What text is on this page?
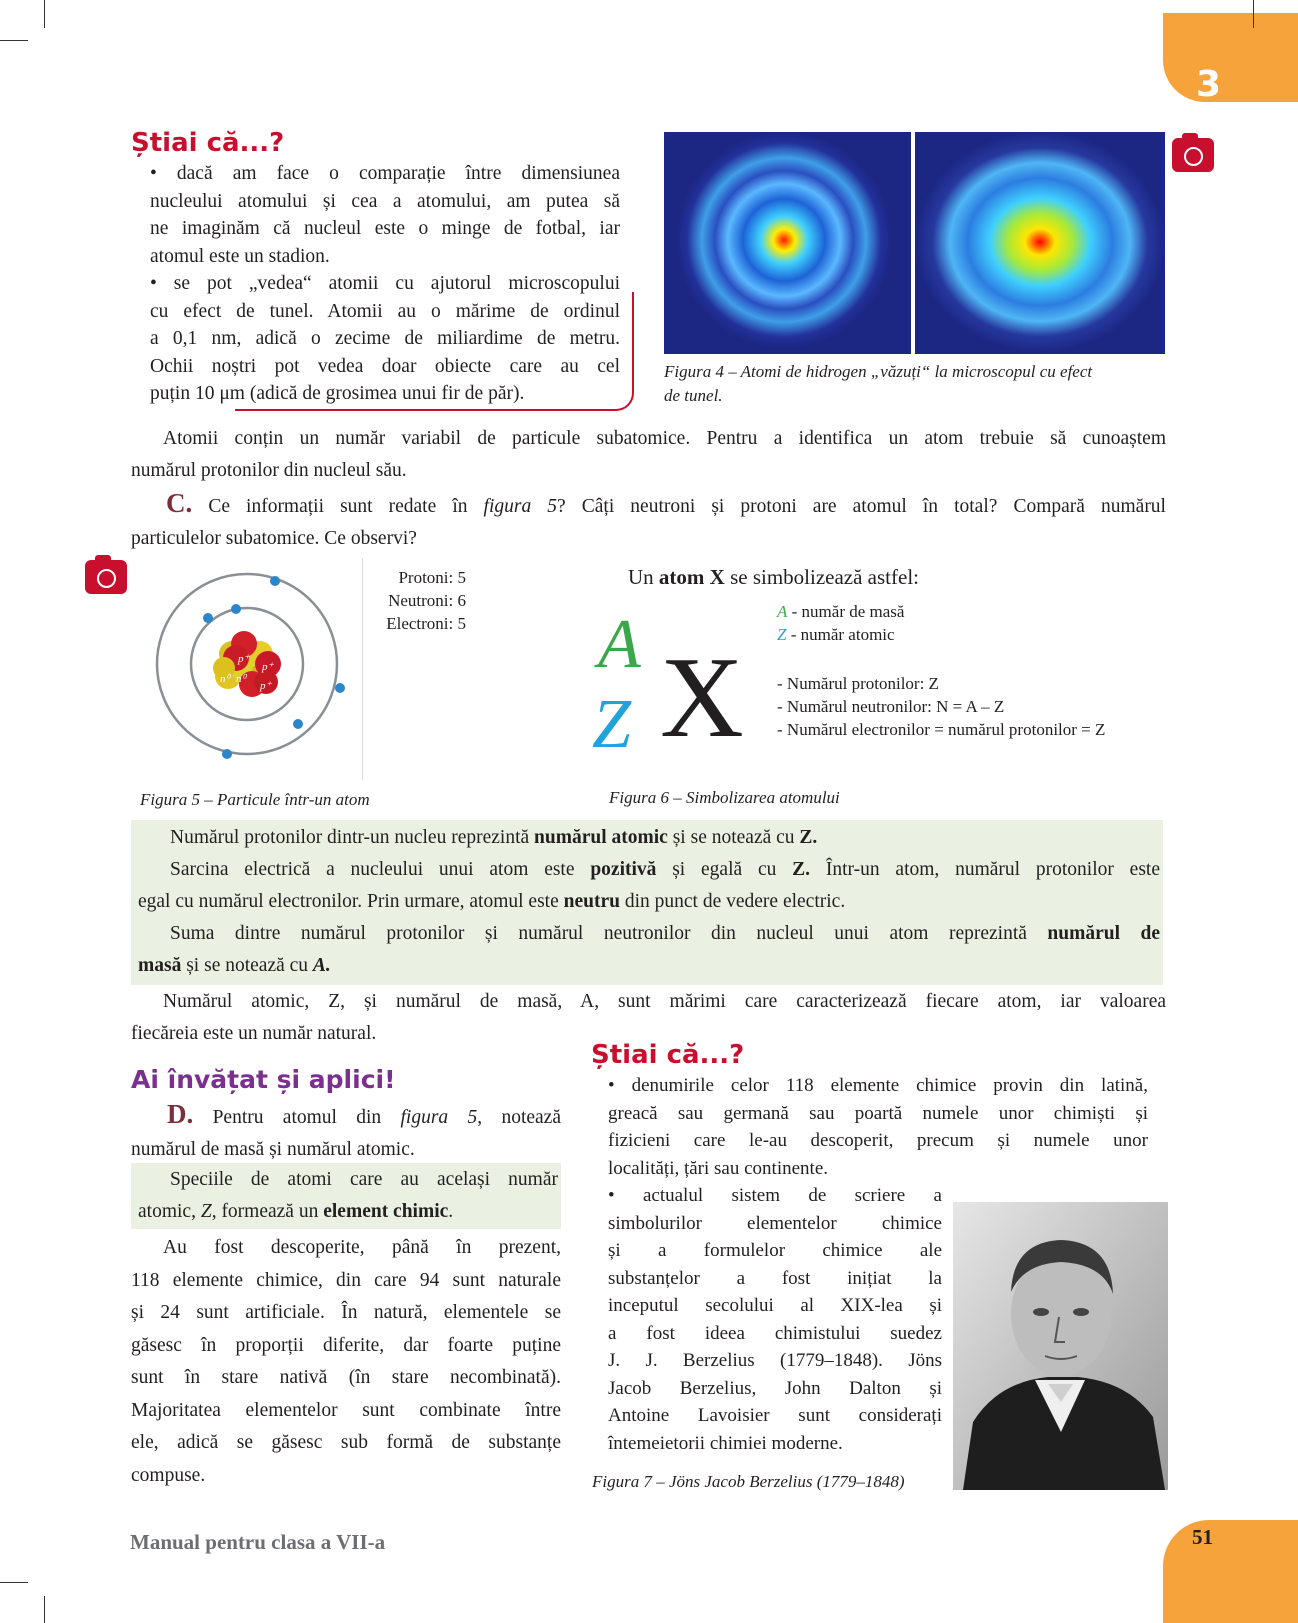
3
Știai că...?
• dacă am face o comparație între dimensiunea
nucleului atomului și cea a atomului, am putea să
ne imaginăm că nucleul este o minge de fotbal, iar
atomul este un stadion.
• se pot „vedea“ atomii cu ajutorul microscopului
cu efect de tunel. Atomii au o mărime de ordinul
a 0,1 nm, adică o zecime de miliardime de metru.
Ochii noștri pot vedea doar obiecte care au cel
puțin 10 μm (adică de grosimea unui fir de păr).
Figura 4 – Atomi de hidrogen „văzuți“ la microscopul cu efect
de tunel.
Atomii conțin un număr variabil de particule subatomice. Pentru a identifica un atom trebuie să cunoaștem
numărul protonilor din nucleul său.
C. Ce informații sunt redate în figura 5? Câți neutroni și protoni are atomul în total? Compară numărul
particulelor subatomice. Ce observi?
p⁺
p⁺
n⁰ n⁰
p⁺
Protoni: 5
Neutroni: 6
Electroni: 5
Figura 5 – Particule într-un atom
Un atom X se simbolizează astfel:
A
Z X
A - număr de masă
Z - număr atomic
- Numărul protonilor: Z
- Numărul neutronilor: N = A – Z
- Numărul electronilor = numărul protonilor = Z
Figura 6 – Simbolizarea atomului
Numărul protonilor dintr-un nucleu reprezintă numărul atomic și se notează cu Z.
Sarcina electrică a nucleului unui atom este pozitivă și egală cu Z. Într-un atom, numărul protonilor este
egal cu numărul electronilor. Prin urmare, atomul este neutru din punct de vedere electric.
Suma dintre numărul protonilor și numărul neutronilor din nucleul unui atom reprezintă numărul de
masă și se notează cu A.
Numărul atomic, Z, și numărul de masă, A, sunt mărimi care caracterizează fiecare atom, iar valoarea
fiecăreia este un număr natural.
Ai învățat și aplici!
D. Pentru atomul din figura 5, notează
numărul de masă și numărul atomic.
Speciile de atomi care au același număr
atomic, Z, formează un element chimic.
Au fost descoperite, până în prezent,
118 elemente chimice, din care 94 sunt naturale
și 24 sunt artificiale. În natură, elementele se
găsesc în proporții diferite, dar foarte puține
sunt în stare nativă (în stare necombinată).
Majoritatea elementelor sunt combinate între
ele, adică se găsesc sub formă de substanțe
compuse.
Știai că...?
• denumirile celor 118 elemente chimice provin din latină,
greacă sau germană sau poartă numele unor chimiști și
fizicieni care le-au descoperit, precum și numele unor
localități, țări sau continente.
• actualul sistem de scriere a
simbolurilor elementelor chimice
și a formulelor chimice ale
substanțelor a fost inițiat la
inceputul secolului al XIX-lea și
a fost ideea chimistului suedez
J. J. Berzelius (1779–1848). Jöns
Jacob Berzelius, John Dalton și
Antoine Lavoisier sunt considerați
întemeietorii chimiei moderne.
Figura 7 – Jöns Jacob Berzelius (1779–1848)
Manual pentru clasa a VII-a	51
